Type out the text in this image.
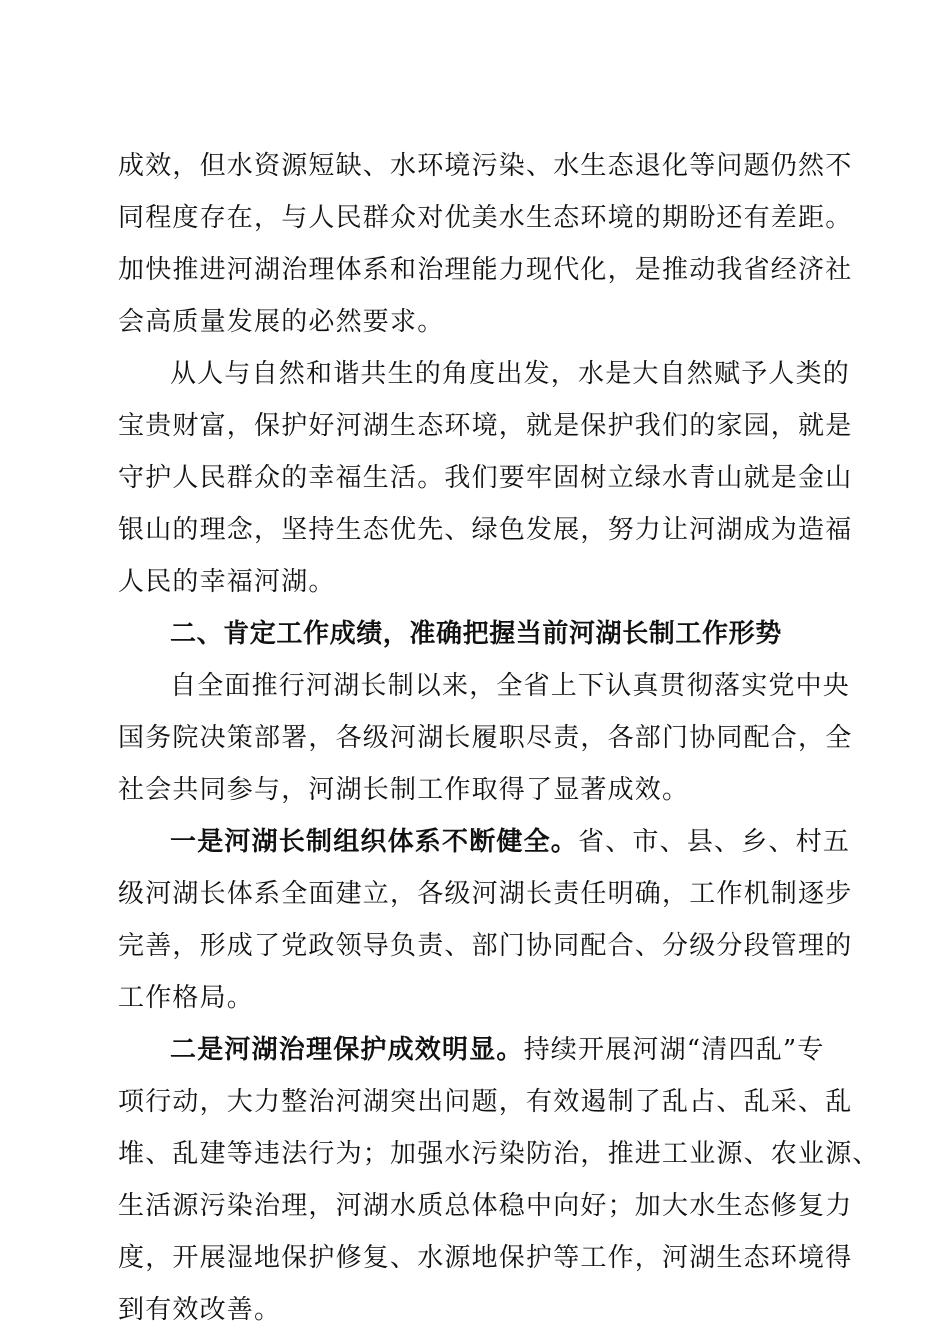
成效，但水资源短缺、水环境污染、水生态退化等问题仍然不
同程度存在，与人民群众对优美水生态环境的期盼还有差距。
加快推进河湖治理体系和治理能力现代化，是推动我省经济社
会高质量发展的必然要求。
从人与自然和谐共生的角度出发，水是大自然赋予人类的
宝贵财富，保护好河湖生态环境，就是保护我们的家园，就是
守护人民群众的幸福生活。我们要牢固树立绿水青山就是金山
银山的理念，坚持生态优先、绿色发展，努力让河湖成为造福
人民的幸福河湖。
二、肯定工作成绩，准确把握当前河湖长制工作形势
自全面推行河湖长制以来，全省上下认真贯彻落实党中央
国务院决策部署，各级河湖长履职尽责，各部门协同配合，全
社会共同参与，河湖长制工作取得了显著成效。
一是河湖长制组织体系不断健全。省、市、县、乡、村五
级河湖长体系全面建立，各级河湖长责任明确，工作机制逐步
完善，形成了党政领导负责、部门协同配合、分级分段管理的
工作格局。
二是河湖治理保护成效明显。持续开展河湖“清四乱”专
项行动，大力整治河湖突出问题，有效遏制了乱占、乱采、乱
堆、乱建等违法行为；加强水污染防治，推进工业源、农业源、
生活源污染治理，河湖水质总体稳中向好；加大水生态修复力
度，开展湿地保护修复、水源地保护等工作，河湖生态环境得
到有效改善。
